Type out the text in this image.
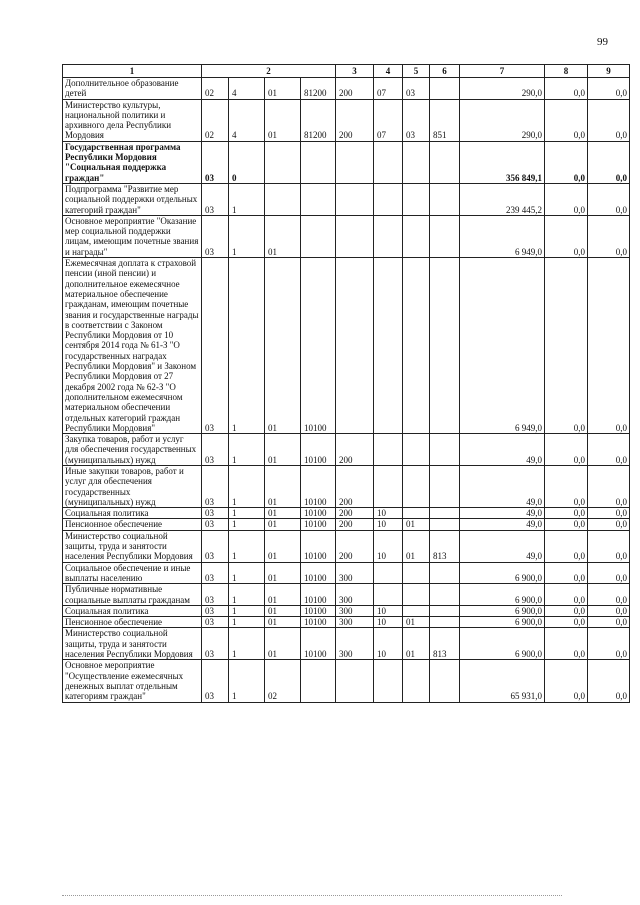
99
1	2				3	4	5	6	7	8	9
Дополнительное образование детей	02	4	01	81200	200	07	03		290,0	0,0	0,0
Министерство культуры, национальной политики и архивного дела Республики Мордовия	02	4	01	81200	200	07	03	851	290,0	0,0	0,0
Государственная программа Республики Мордовия "Социальная поддержка граждан"	03	0							356 849,1	0,0	0,0
Подпрограмма "Развитие мер социальной поддержки отдельных категорий граждан"	03	1							239 445,2	0,0	0,0
Основное мероприятие "Оказание мер социальной поддержки лицам, имеющим почетные звания и награды"	03	1	01						6 949,0	0,0	0,0
Ежемесячная доплата к страховой пенсии (иной пенсии) и дополнительное ежемесячное материальное обеспечение гражданам, имеющим почетные звания и государственные награды в соответствии с Законом Республики Мордовия от 10 сентября 2014 года № 61-З "О государственных наградах Республики Мордовия" и Законом Республики Мордовия от 27 декабря 2002 года № 62-З "О дополнительном ежемесячном материальном обеспечении отдельных категорий граждан Республики Мордовия"	03	1	01	10100					6 949,0	0,0	0,0
Закупка товаров, работ и услуг для обеспечения государственных (муниципальных) нужд	03	1	01	10100	200				49,0	0,0	0,0
Иные закупки товаров, работ и услуг для обеспечения государственных (муниципальных) нужд	03	1	01	10100	200				49,0	0,0	0,0
Социальная политика	03	1	01	10100	200	10			49,0	0,0	0,0
Пенсионное обеспечение	03	1	01	10100	200	10	01		49,0	0,0	0,0
Министерство социальной защиты, труда и занятости населения Республики Мордовия	03	1	01	10100	200	10	01	813	49,0	0,0	0,0
Социальное обеспечение и иные выплаты населению	03	1	01	10100	300				6 900,0	0,0	0,0
Публичные нормативные социальные выплаты гражданам	03	1	01	10100	300				6 900,0	0,0	0,0
Социальная политика	03	1	01	10100	300	10			6 900,0	0,0	0,0
Пенсионное обеспечение	03	1	01	10100	300	10	01		6 900,0	0,0	0,0
Министерство социальной защиты, труда и занятости населения Республики Мордовия	03	1	01	10100	300	10	01	813	6 900,0	0,0	0,0
Основное мероприятие "Осуществление ежемесячных денежных выплат отдельным категориям граждан"	03	1	02						65 931,0	0,0	0,0
